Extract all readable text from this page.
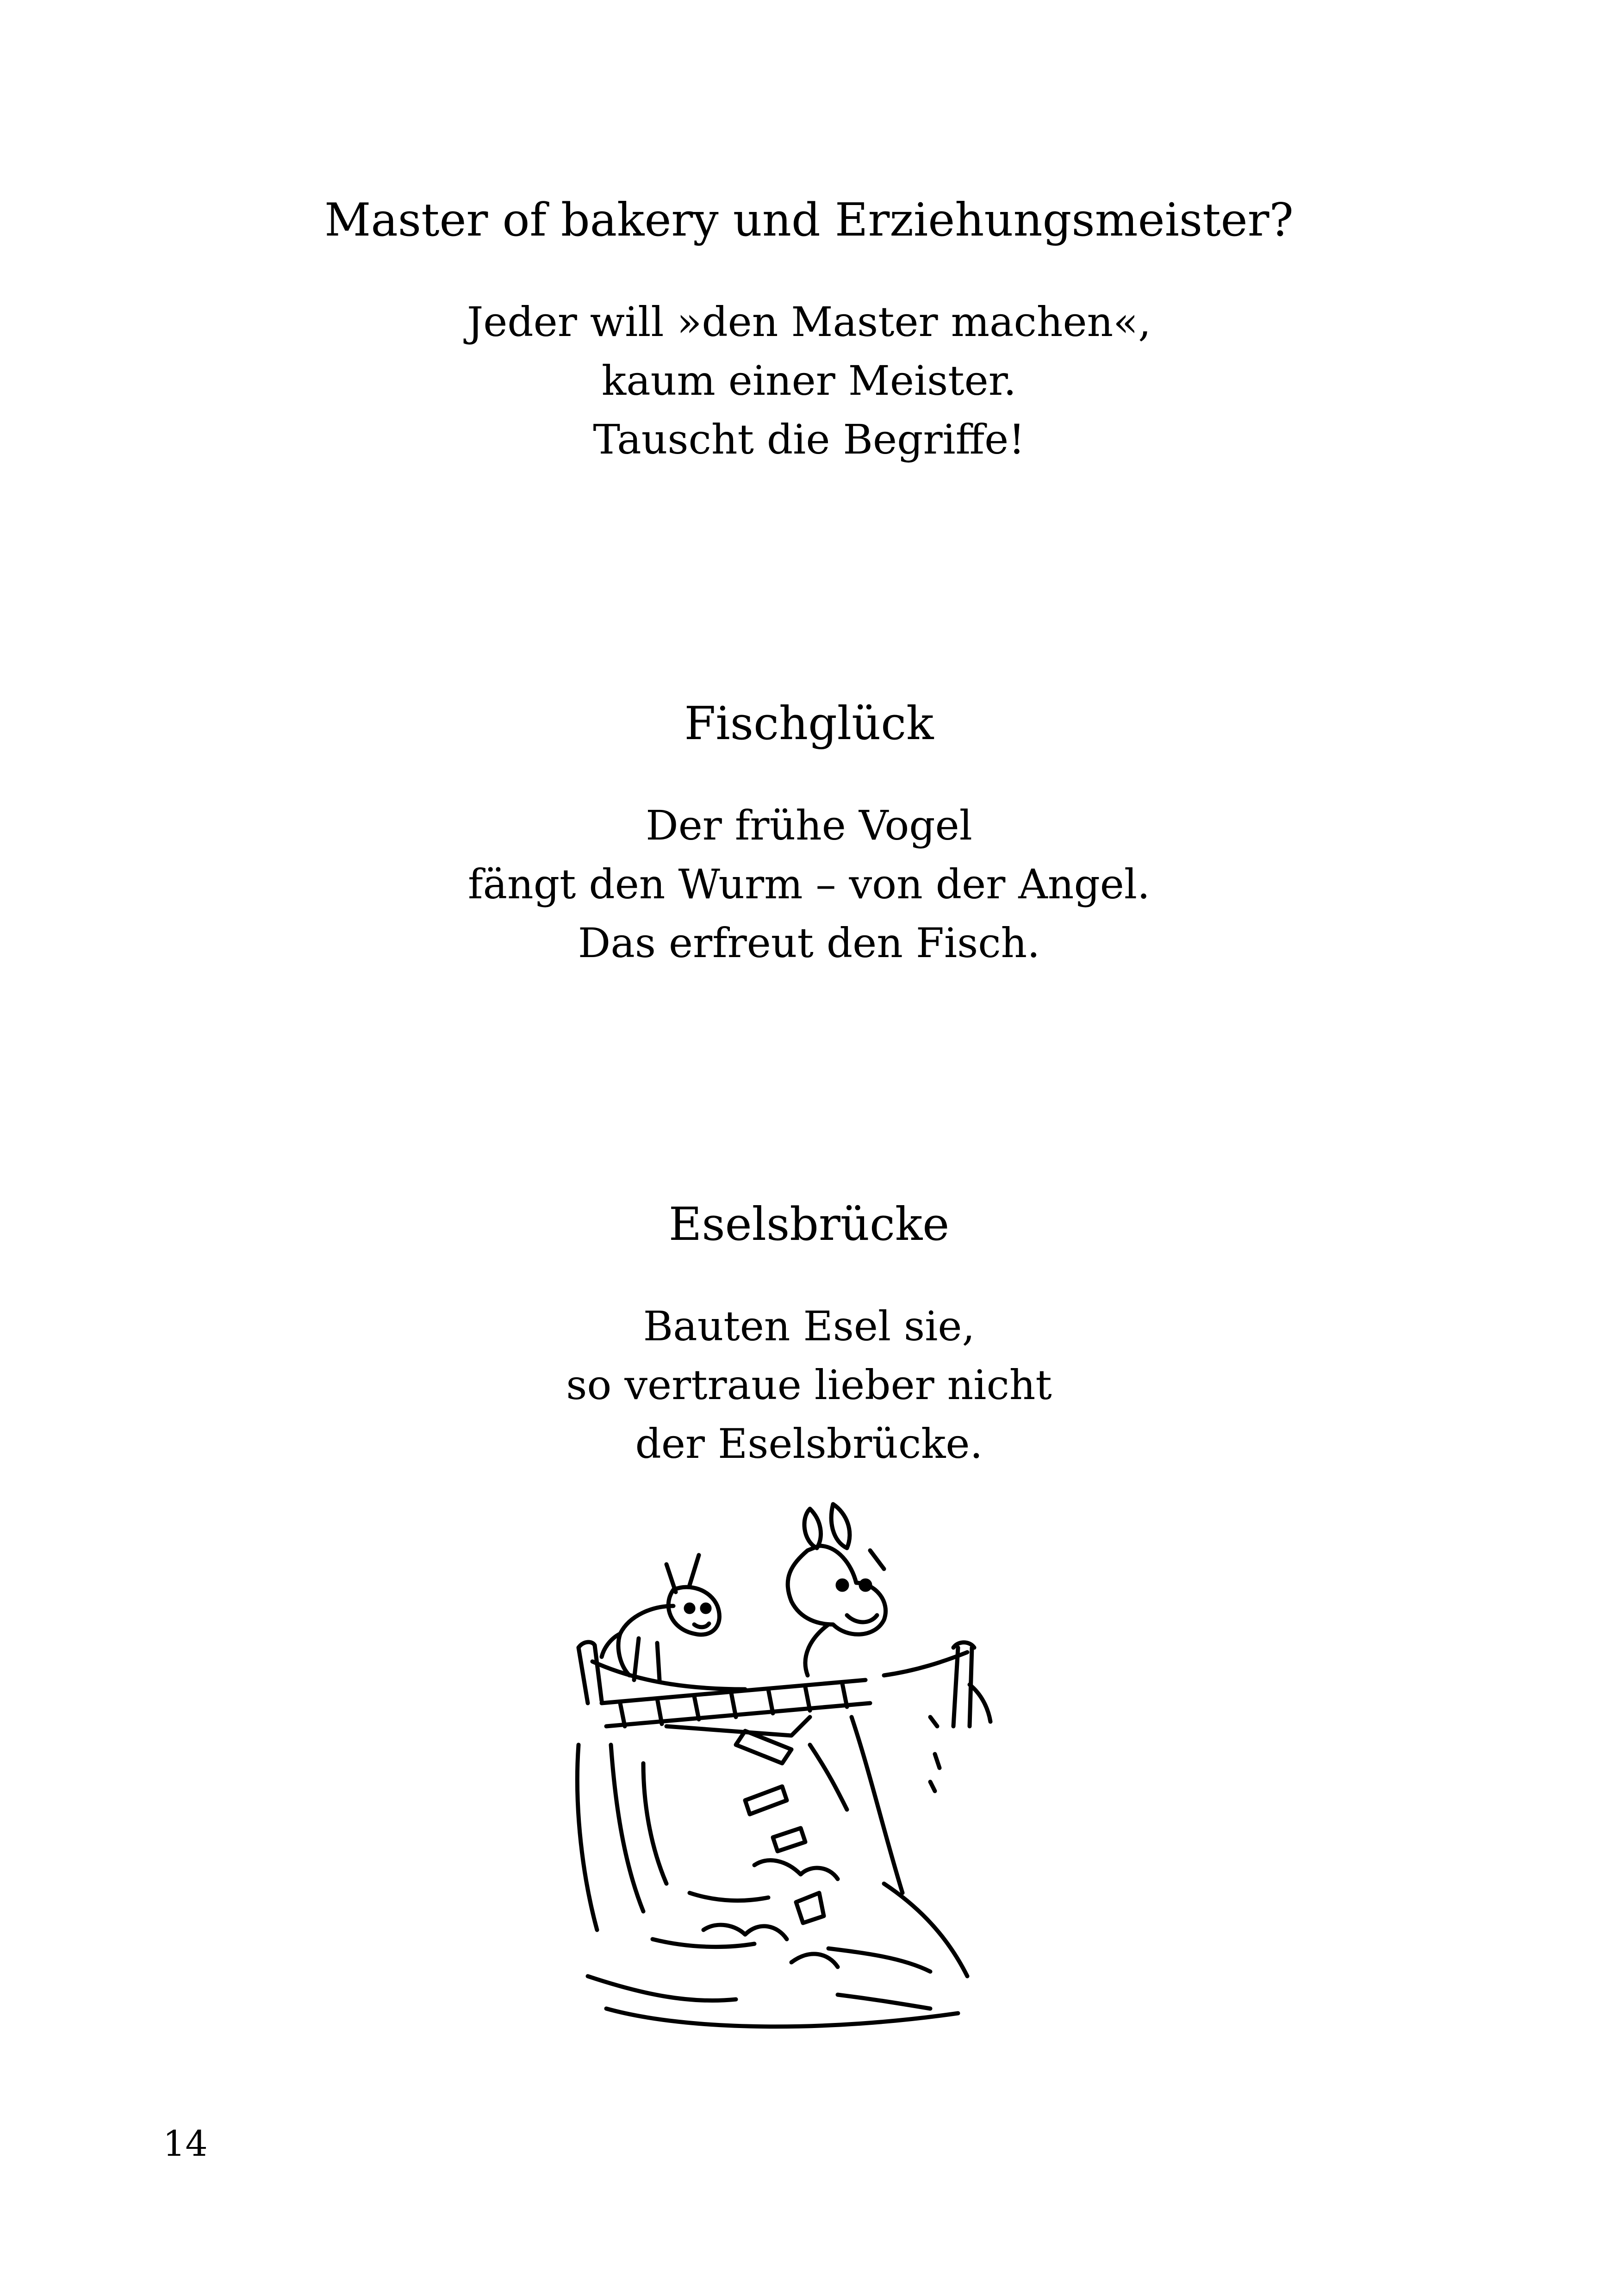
Master of bakery und Erziehungsmeister?
Jeder will »den Master machen«,
kaum einer Meister.
Tauscht die Begriffe!
Fischglück
Der frühe Vogel
fängt den Wurm – von der Angel.
Das erfreut den Fisch.
Eselsbrücke
Bauten Esel sie,
so vertraue lieber nicht
der Eselsbrücke.
14
